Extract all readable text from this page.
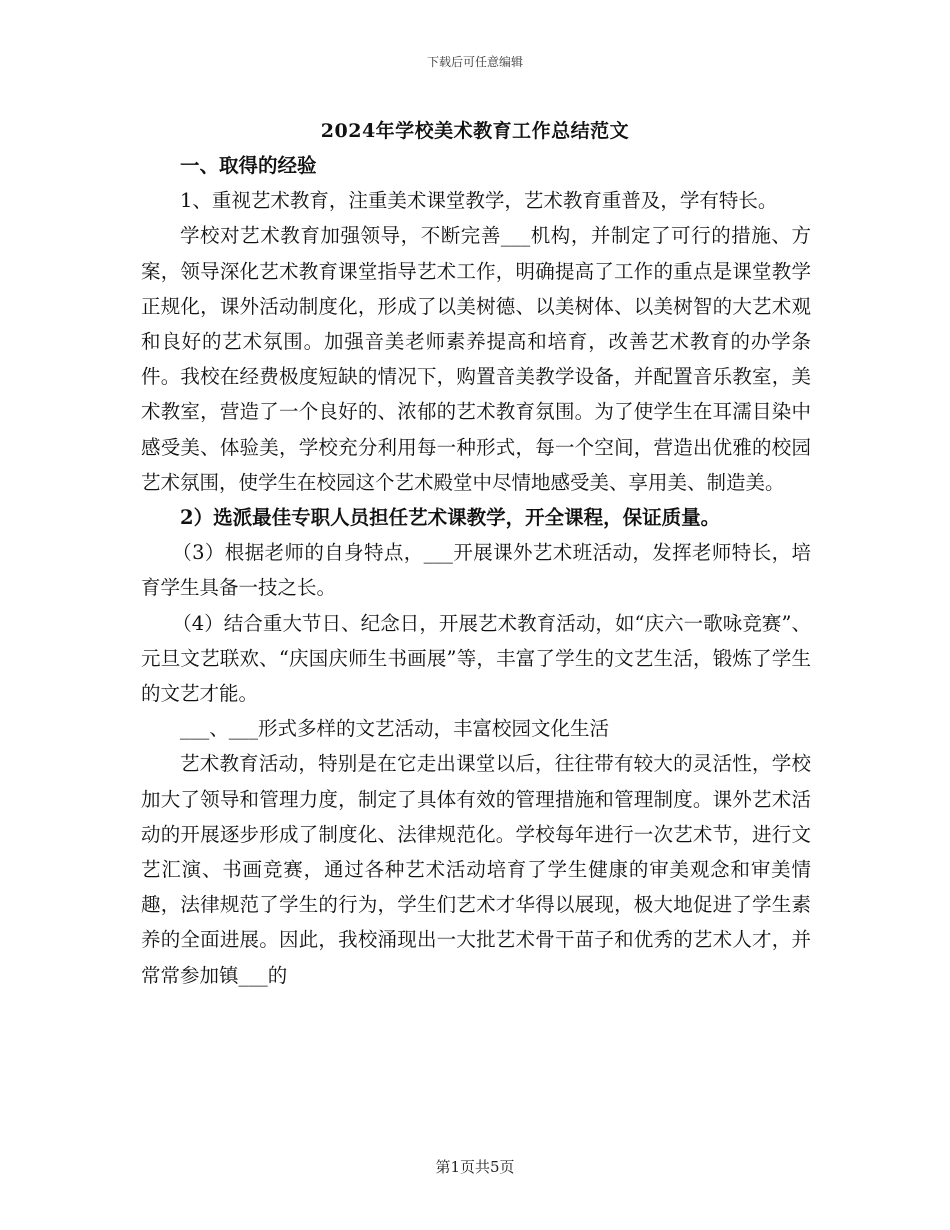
下载后可任意编辑
2024年学校美术教育工作总结范文

一、取得的经验

1、重视艺术教育，注重美术课堂教学，艺术教育重普及，学有特长。

学校对艺术教育加强领导，不断完善___机构，并制定了可行的措施、方案，领导深化艺术教育课堂指导艺术工作，明确提高了工作的重点是课堂教学正规化，课外活动制度化，形成了以美树德、以美树体、以美树智的大艺术观和良好的艺术氛围。加强音美老师素养提高和培育，改善艺术教育的办学条件。我校在经费极度短缺的情况下，购置音美教学设备，并配置音乐教室，美术教室，营造了一个良好的、浓郁的艺术教育氛围。为了使学生在耳濡目染中感受美、体验美，学校充分利用每一种形式，每一个空间，营造出优雅的校园艺术氛围，使学生在校园这个艺术殿堂中尽情地感受美、享用美、制造美。

2）选派最佳专职人员担任艺术课教学，开全课程，保证质量。

（3）根据老师的自身特点，___开展课外艺术班活动，发挥老师特长，培育学生具备一技之长。

（4）结合重大节日、纪念日，开展艺术教育活动，如“庆六一歌咏竞赛”、元旦文艺联欢、“庆国庆师生书画展”等，丰富了学生的文艺生活，锻炼了学生的文艺才能。

___、___形式多样的文艺活动，丰富校园文化生活

艺术教育活动，特别是在它走出课堂以后，往往带有较大的灵活性，学校加大了领导和管理力度，制定了具体有效的管理措施和管理制度。课外艺术活动的开展逐步形成了制度化、法律规范化。学校每年进行一次艺术节，进行文艺汇演、书画竞赛，通过各种艺术活动培育了学生健康的审美观念和审美情趣，法律规范了学生的行为，学生们艺术才华得以展现，极大地促进了学生素养的全面进展。因此，我校涌现出一大批艺术骨干苗子和优秀的艺术人才，并常常参加镇___的

第1页共5页
